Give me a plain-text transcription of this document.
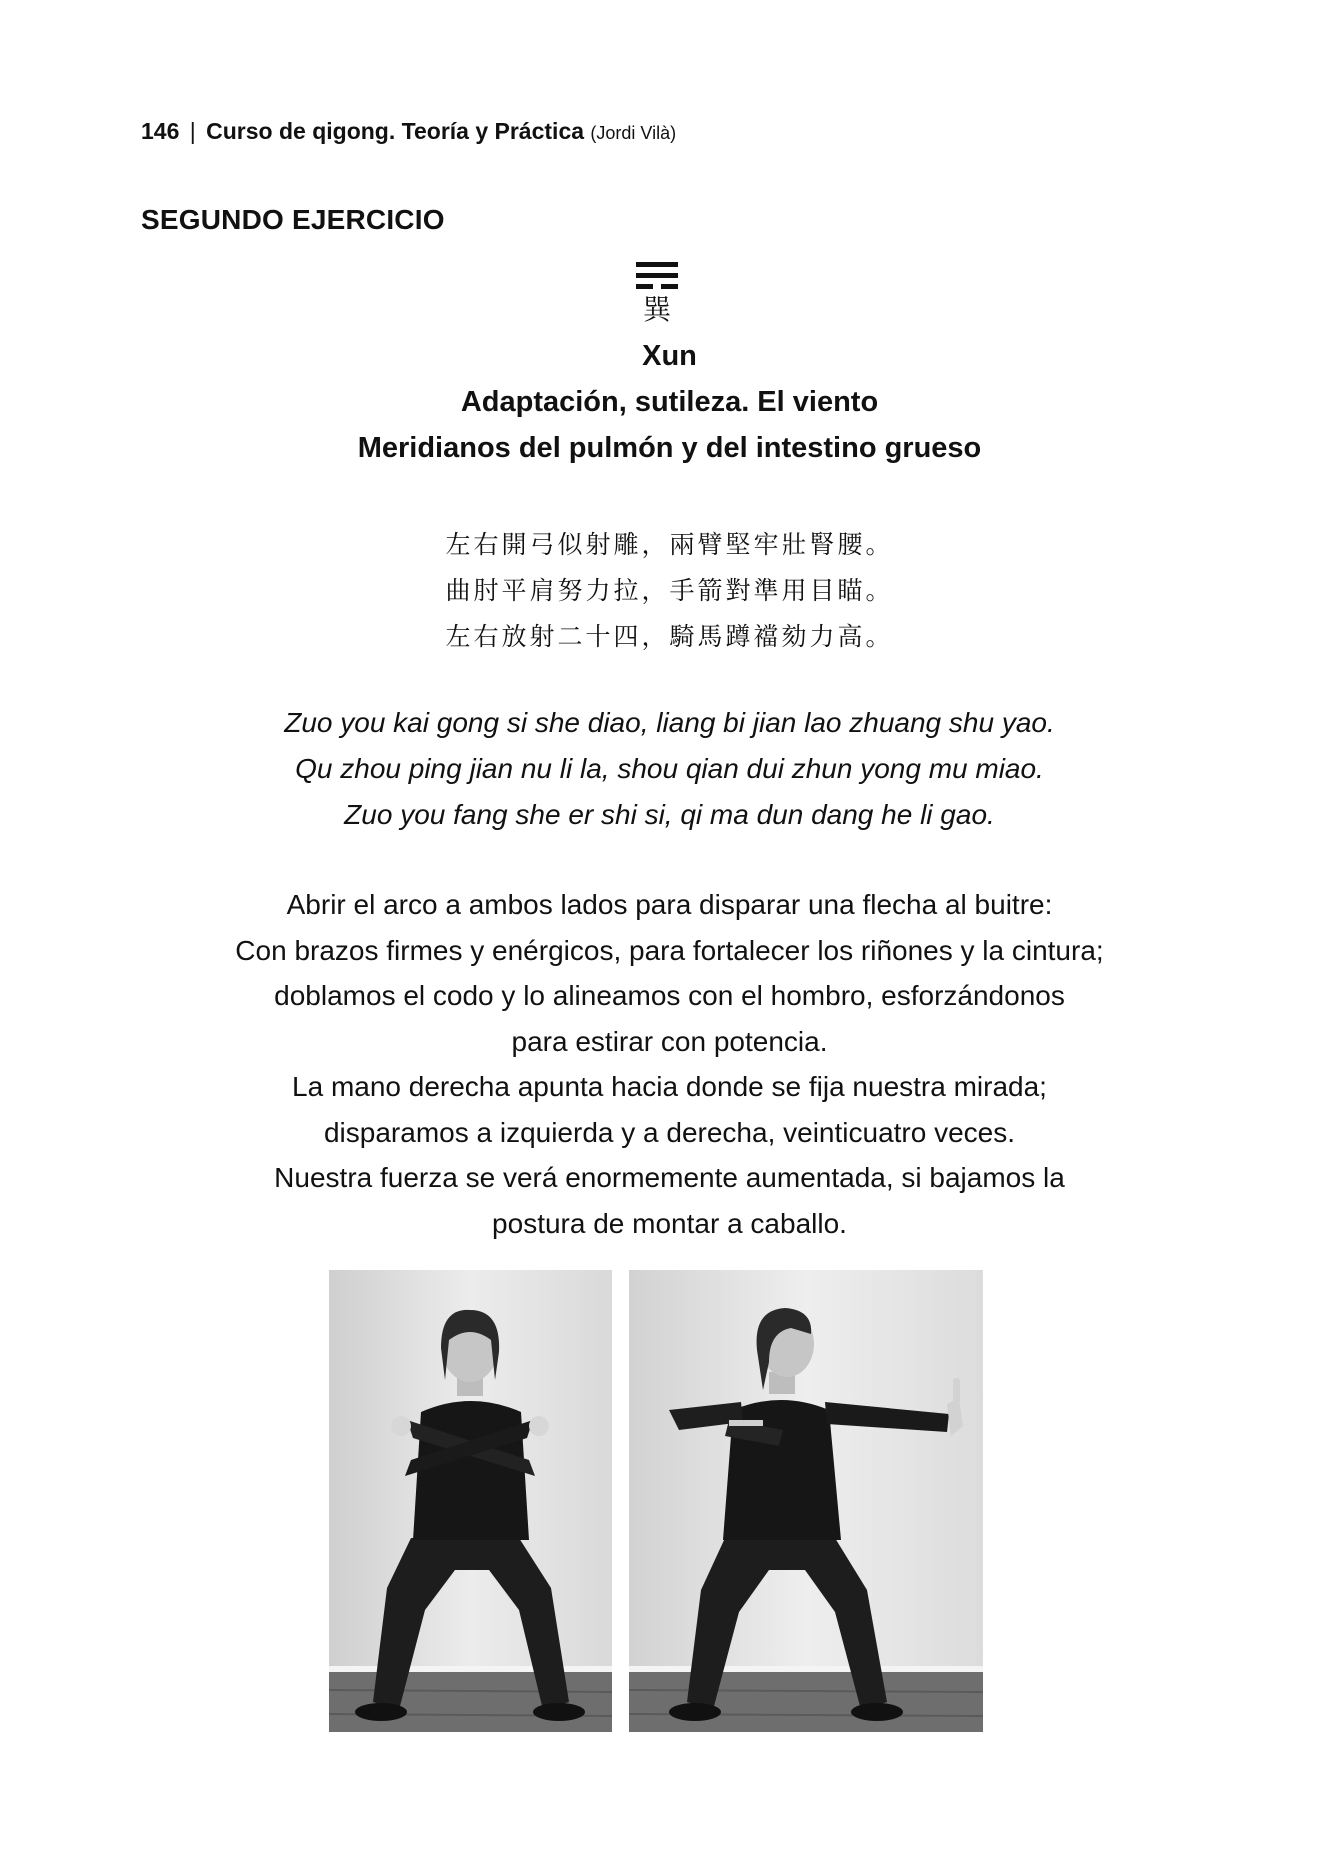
146 | Curso de qigong. Teoría y Práctica (Jordi Vilà)
SEGUNDO EJERCICIO
巽
Xun
Adaptación, sutileza. El viento
Meridianos del pulmón y del intestino grueso
左右開弓似射雕，兩臂堅牢壯腎腰。
曲肘平肩努力拉，手箭對準用目瞄。
左右放射二十四，騎馬蹲襠劾力高。
Zuo you kai gong si she diao, liang bi jian lao zhuang shu yao.
Qu zhou ping jian nu li la, shou qian dui zhun yong mu miao.
Zuo you fang she er shi si, qi ma dun dang he li gao.
Abrir el arco a ambos lados para disparar una flecha al buitre:
Con brazos firmes y enérgicos, para fortalecer los riñones y la cintura;
doblamos el codo y lo alineamos con el hombro, esforzándonos
para estirar con potencia.
La mano derecha apunta hacia donde se fija nuestra mirada;
disparamos a izquierda y a derecha, veinticuatro veces.
Nuestra fuerza se verá enormemente aumentada, si bajamos la
postura de montar a caballo.
